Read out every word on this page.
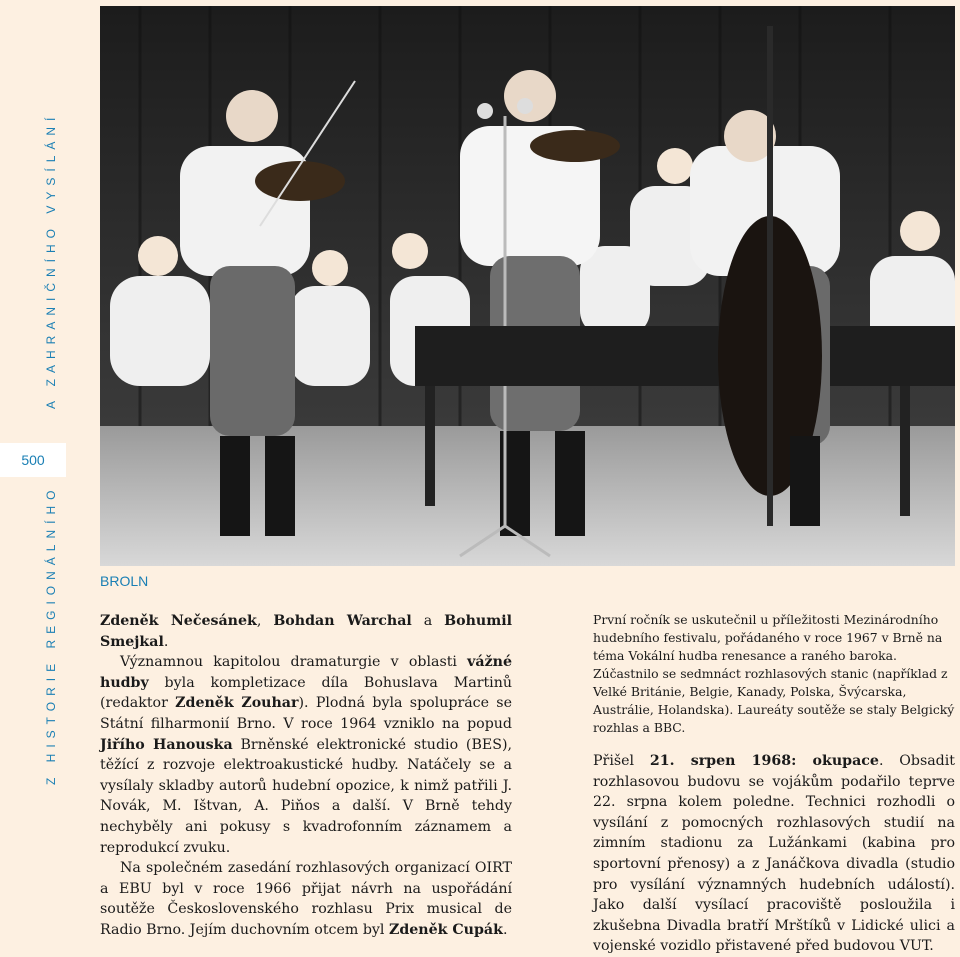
A ZAHRANIČNÍHO VYSÍLÁNÍ
500
Z HISTORIE REGIONÁLNÍHO	BROLN

Zdeněk Nečesánek, Bohdan Warchal a Bohumil Smejkal.

Významnou kapitolou dramaturgie v oblasti vážné hudby byla kompletizace díla Bohuslava Martinů (redaktor Zdeněk Zouhar). Plodná byla spolupráce se Státní filharmonií Brno. V roce 1964 vzniklo na popud Jiřího Hanouska Brněnské elektronické studio (BES), těžící z rozvoje elektroakustické hudby. Natáčely se a vysílaly skladby autorů hudební opozice, k nimž patřili J. Novák, M. Ištvan, A. Piňos a další. V Brně tehdy nechyběly ani pokusy s kvadrofonním záznamem a reprodukcí zvuku.

Na společném zasedání rozhlasových organizací OIRT a EBU byl v roce 1966 přijat návrh na uspořádání soutěže Československého rozhlasu Prix musical de Radio Brno. Jejím duchovním otcem byl Zdeněk Cupák.

První ročník se uskutečnil u příležitosti Mezinárodního hudebního festivalu, pořádaného v roce 1967 v Brně na téma Vokální hudba renesance a raného baroka. Zúčastnilo se sedmnáct rozhlasových stanic (například z Velké Británie, Belgie, Kanady, Polska, Švýcarska, Austrálie, Holandska). Laureáty soutěže se staly Belgický rozhlas a BBC.

Přišel 21. srpen 1968: okupace. Obsadit rozhlasovou budovu se vojákům podařilo teprve 22. srpna kolem poledne. Technici rozhodli o vysílání z pomocných rozhlasových studií na zimním stadionu za Lužánkami (kabina pro sportovní přenosy) a z Janáčkova divadla (studio pro vysílání významných hudebních událostí). Jako další vysílací pracoviště posloužila i zkušebna Divadla bratří Mrštíků v Lidické ulici a vojenské vozidlo přistavené před budovou VUT.
